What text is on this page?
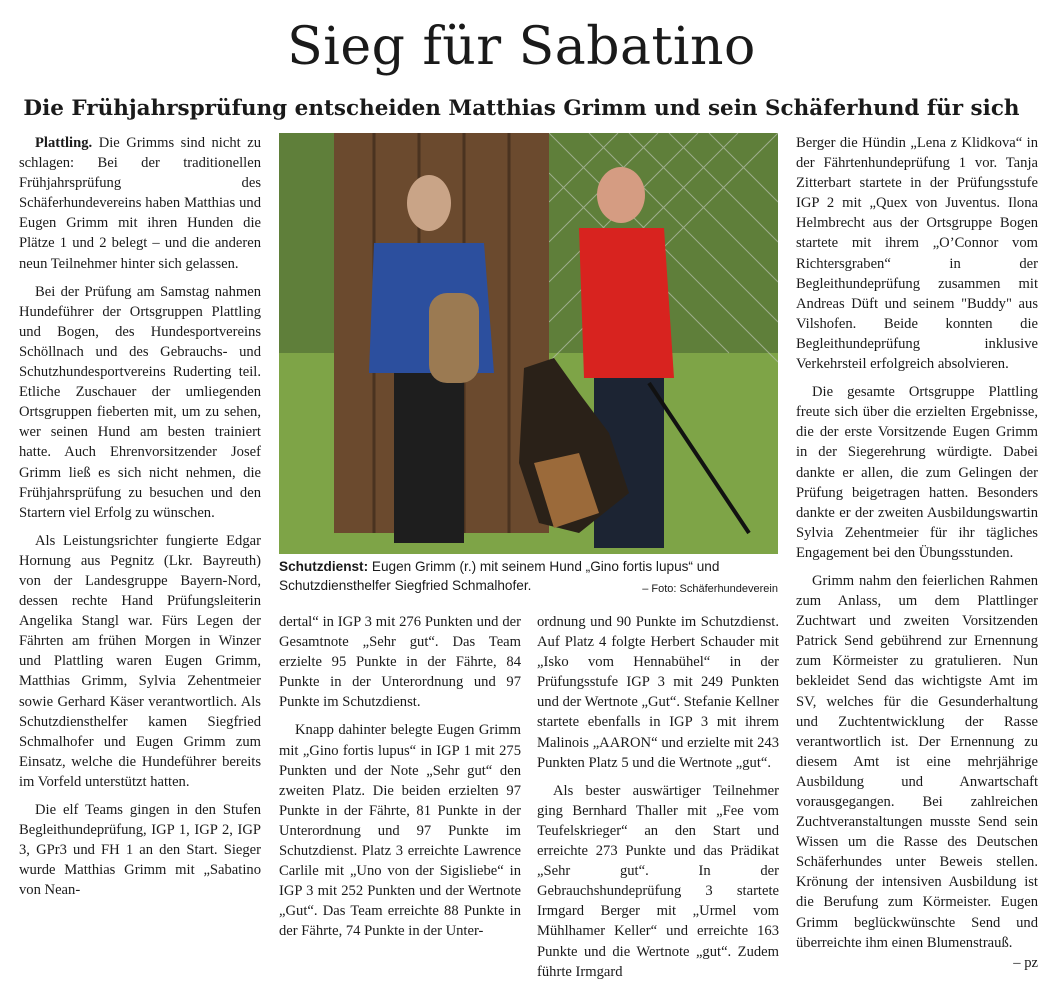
Sieg für Sabatino
Die Frühjahrsprüfung entscheiden Matthias Grimm und sein Schäferhund für sich

Plattling. Die Grimms sind nicht zu schlagen: Bei der traditionellen Frühjahrsprüfung des Schäferhundevereins haben Matthias und Eugen Grimm mit ihren Hunden die Plätze 1 und 2 belegt – und die anderen neun Teilnehmer hinter sich gelassen.

Bei der Prüfung am Samstag nahmen Hundeführer der Ortsgruppen Plattling und Bogen, des Hundesportvereins Schöllnach und des Gebrauchs- und Schutzhundesportvereins Ruderting teil. Etliche Zuschauer der umliegenden Ortsgruppen fieberten mit, um zu sehen, wer seinen Hund am besten trainiert hatte. Auch Ehrenvorsitzender Josef Grimm ließ es sich nicht nehmen, die Frühjahrsprüfung zu besuchen und den Startern viel Erfolg zu wünschen.

Als Leistungsrichter fungierte Edgar Hornung aus Pegnitz (Lkr. Bayreuth) von der Landesgruppe Bayern-Nord, dessen rechte Hand Prüfungsleiterin Angelika Stangl war. Fürs Legen der Fährten am frühen Morgen in Winzer und Plattling waren Eugen Grimm, Matthias Grimm, Sylvia Zehentmeier sowie Gerhard Käser verantwortlich. Als Schutzdiensthelfer kamen Siegfried Schmalhofer und Eugen Grimm zum Einsatz, welche die Hundeführer bereits im Vorfeld unterstützt hatten.

Die elf Teams gingen in den Stufen Begleithundeprüfung, IGP 1, IGP 2, IGP 3, GPr3 und FH 1 an den Start. Sieger wurde Matthias Grimm mit „Sabatino von Nean-

Schutzdienst: Eugen Grimm (r.) mit seinem Hund „Gino fortis lupus“ und Schutzdiensthelfer Siegfried Schmalhofer.	– Foto: Schäferhundeverein

dertal“ in IGP 3 mit 276 Punkten und der Gesamtnote „Sehr gut“. Das Team erzielte 95 Punkte in der Fährte, 84 Punkte in der Unterordnung und 97 Punkte im Schutzdienst.

Knapp dahinter belegte Eugen Grimm mit „Gino fortis lupus“ in IGP 1 mit 275 Punkten und der Note „Sehr gut“ den zweiten Platz. Die beiden erzielten 97 Punkte in der Fährte, 81 Punkte in der Unterordnung und 97 Punkte im Schutzdienst. Platz 3 erreichte Lawrence Carlile mit „Uno von der Sigisliebe“ in IGP 3 mit 252 Punkten und der Wertnote „Gut“. Das Team erreichte 88 Punkte in der Fährte, 74 Punkte in der Unter-

ordnung und 90 Punkte im Schutzdienst. Auf Platz 4 folgte Herbert Schauder mit „Isko vom Hennabühel“ in der Prüfungsstufe IGP 3 mit 249 Punkten und der Wertnote „Gut“. Stefanie Kellner startete ebenfalls in IGP 3 mit ihrem Malinois „AARON“ und erzielte mit 243 Punkten Platz 5 und die Wertnote „gut“.

Als bester auswärtiger Teilnehmer ging Bernhard Thaller mit „Fee vom Teufelskrieger“ an den Start und erreichte 273 Punkte und das Prädikat „Sehr gut“. In der Gebrauchshundeprüfung 3 startete Irmgard Berger mit „Urmel vom Mühlhamer Keller“ und erreichte 163 Punkte und die Wertnote „gut“. Zudem führte Irmgard

Berger die Hündin „Lena z Klidkova“ in der Fährtenhundeprüfung 1 vor. Tanja Zitterbart startete in der Prüfungsstufe IGP 2 mit „Quex von Juventus. Ilona Helmbrecht aus der Ortsgruppe Bogen startete mit ihrem „O’Connor vom Richtersgraben“ in der Begleithundeprüfung zusammen mit Andreas Düft und seinem "Buddy" aus Vilshofen. Beide konnten die Begleithundeprüfung inklusive Verkehrsteil erfolgreich absolvieren.

Die gesamte Ortsgruppe Plattling freute sich über die erzielten Ergebnisse, die der erste Vorsitzende Eugen Grimm in der Siegerehrung würdigte. Dabei dankte er allen, die zum Gelingen der Prüfung beigetragen hatten. Besonders dankte er der zweiten Ausbildungswartin Sylvia Zehentmeier für ihr tägliches Engagement bei den Übungsstunden.

Grimm nahm den feierlichen Rahmen zum Anlass, um dem Plattlinger Zuchtwart und zweiten Vorsitzenden Patrick Send gebührend zur Ernennung zum Körmeister zu gratulieren. Nun bekleidet Send das wichtigste Amt im SV, welches für die Gesunderhaltung und Zuchtentwicklung der Rasse verantwortlich ist. Der Ernennung zu diesem Amt ist eine mehrjährige Ausbildung und Anwartschaft vorausgegangen. Bei zahlreichen Zuchtveranstaltungen musste Send sein Wissen um die Rasse des Deutschen Schäferhundes unter Beweis stellen. Krönung der intensiven Ausbildung ist die Berufung zum Körmeister. Eugen Grimm beglückwünschte Send und überreichte ihm einen Blumenstrauß.
– pz
